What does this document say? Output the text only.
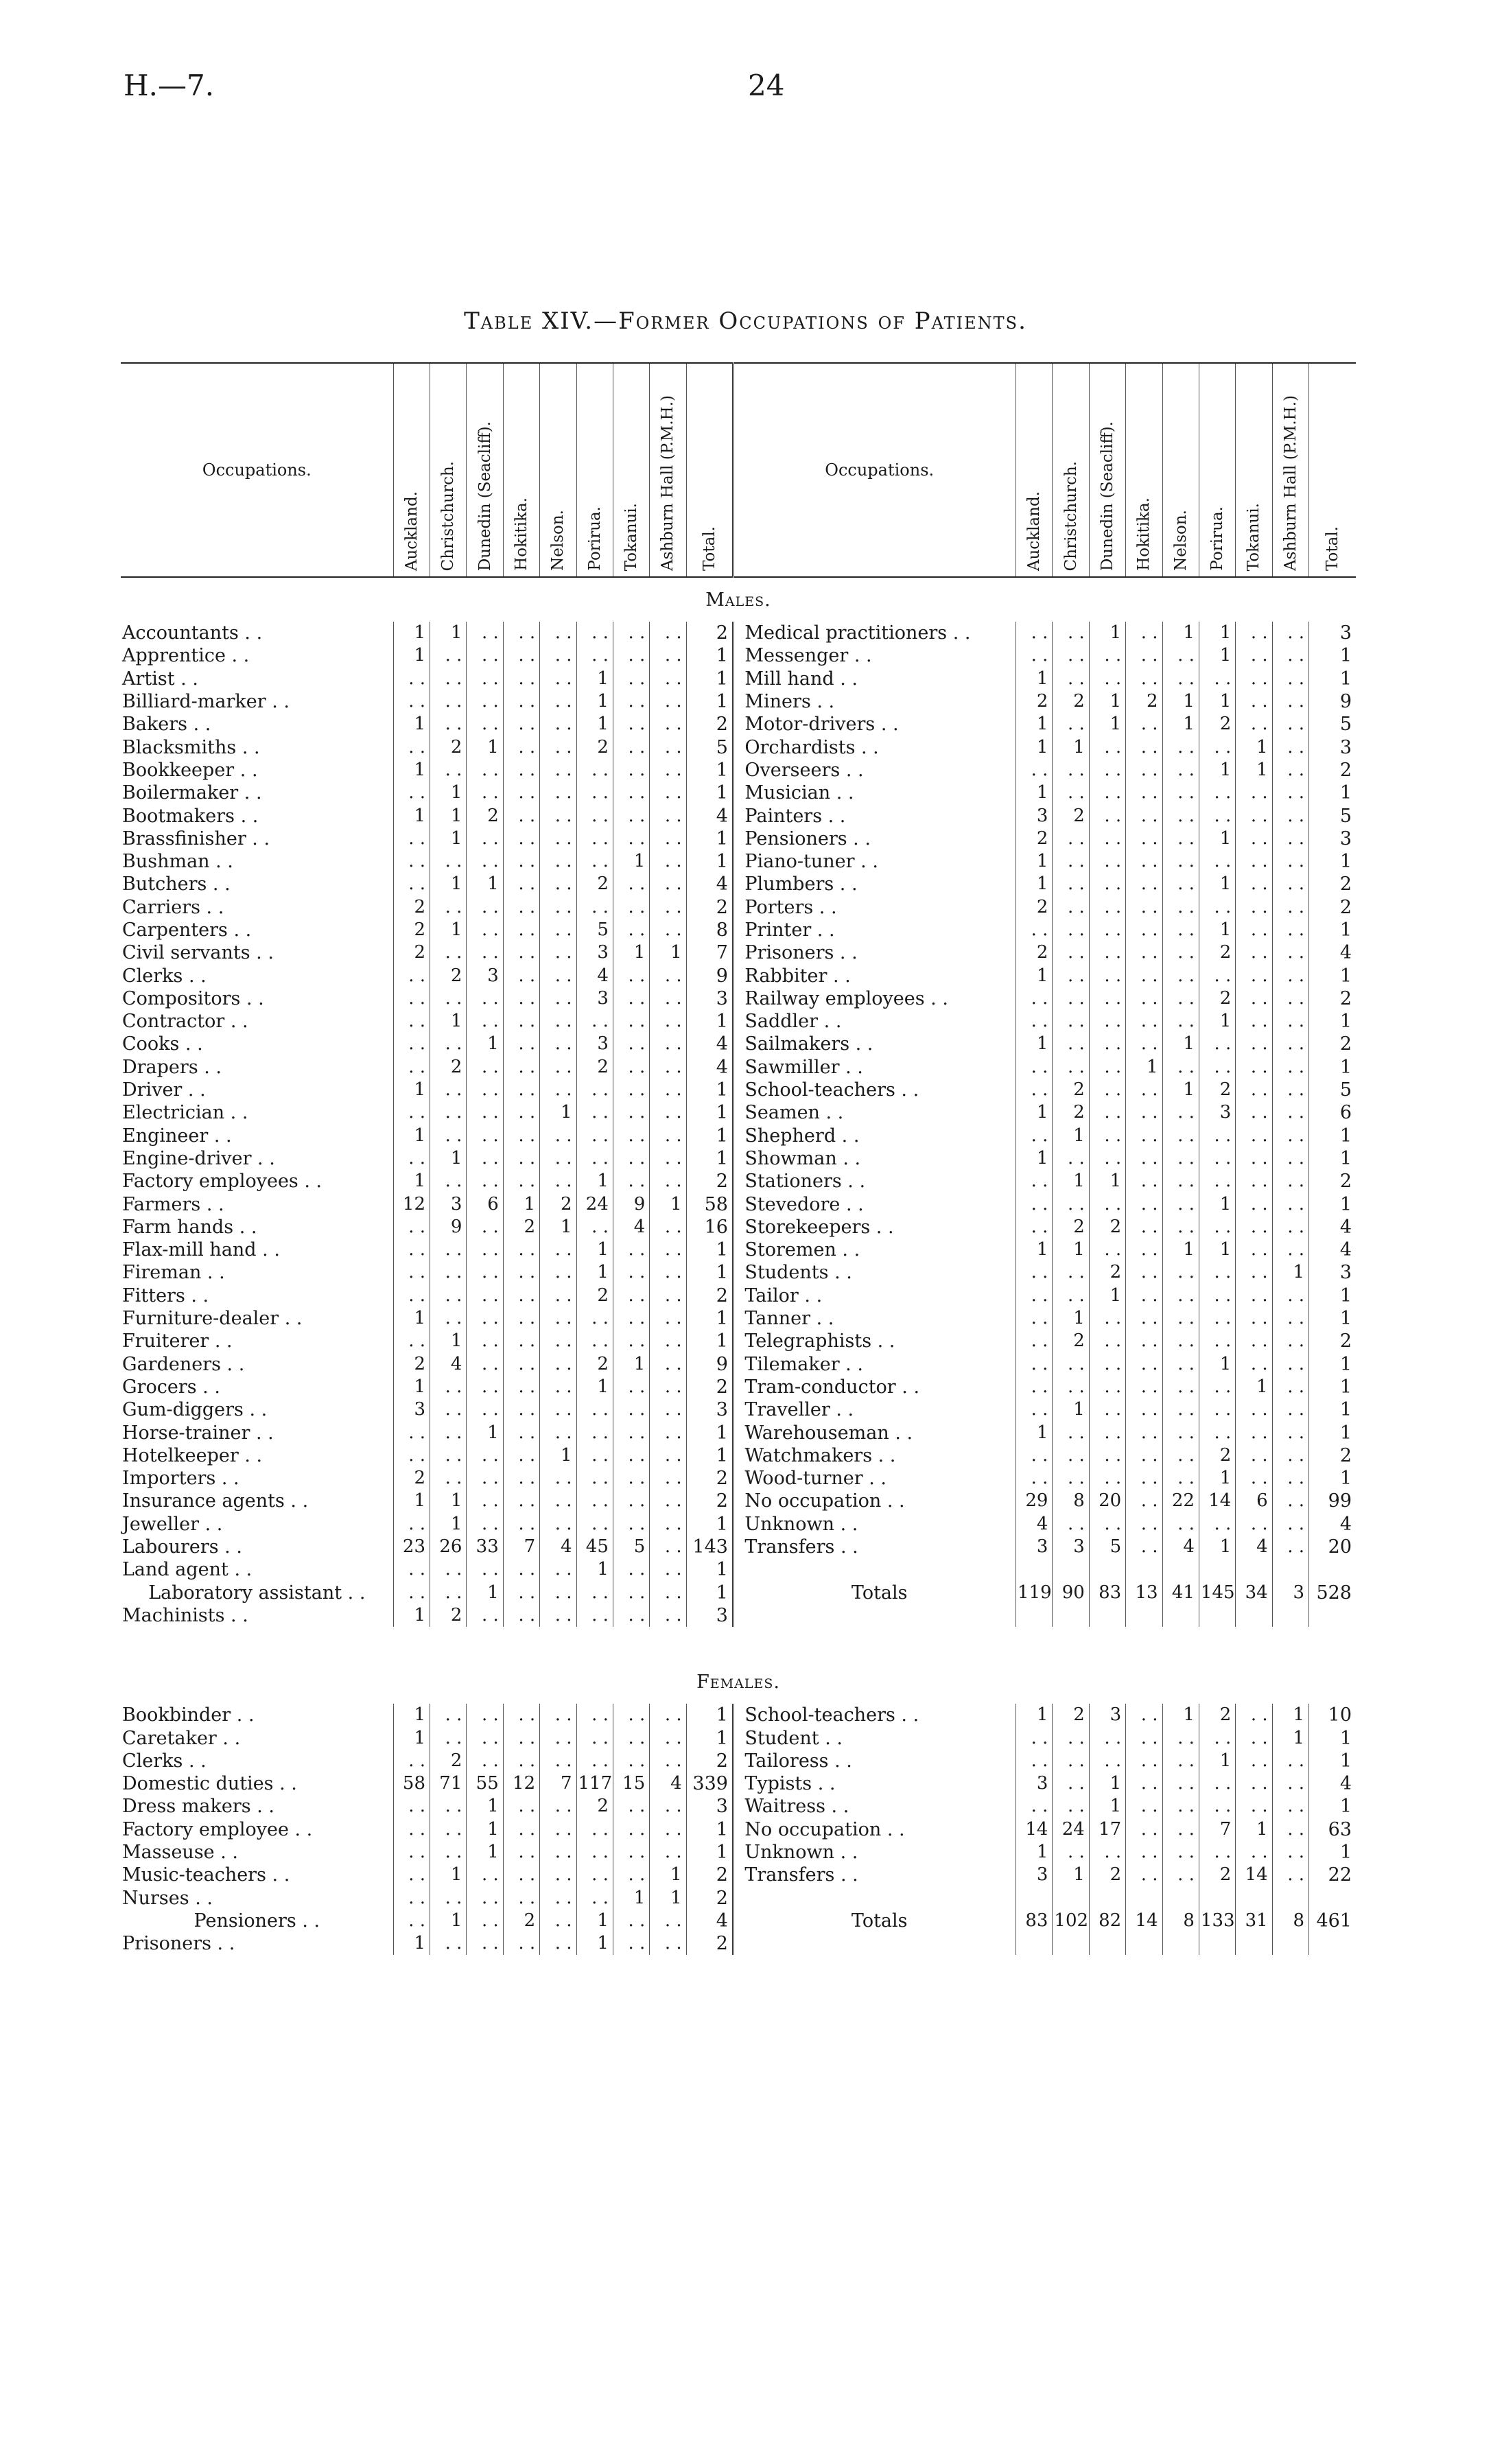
H.—7.	24
Table XIV.—Former Occupations of Patients.
Occupations.	Auckland.	Christchurch.	Dunedin (Seacliff).	Hokitika.	Nelson.	Porirua.	Tokanui.	Ashburn Hall (P.M.H.)	Total.		Occupations.	Auckland.	Christchurch.	Dunedin (Seacliff).	Hokitika.	Nelson.	Porirua.	Tokanui.	Ashburn Hall (P.M.H.)	Total.

Males.																				
Accountants . .	1	1	. .	. .	. .	. .	. .	. .	2		Medical practitioners . .	. .	. .	1	. .	1	1	. .	. .	3
Apprentice . .	1	. .	. .	. .	. .	. .	. .	. .	1		Messenger . .	. .	. .	. .	. .	. .	1	. .	. .	1
Artist . .	. .	. .	. .	. .	. .	1	. .	. .	1		Mill hand . .	1	. .	. .	. .	. .	. .	. .	. .	1
Billiard-marker . .	. .	. .	. .	. .	. .	1	. .	. .	1		Miners . .	2	2	1	2	1	1	. .	. .	9
Bakers . .	1	. .	. .	. .	. .	1	. .	. .	2		Motor-drivers . .	1	. .	1	. .	1	2	. .	. .	5
Blacksmiths . .	. .	2	1	. .	. .	2	. .	. .	5		Orchardists . .	1	1	. .	. .	. .	. .	1	. .	3
Bookkeeper . .	1	. .	. .	. .	. .	. .	. .	. .	1		Overseers . .	. .	. .	. .	. .	. .	1	1	. .	2
Boilermaker . .	. .	1	. .	. .	. .	. .	. .	. .	1		Musician . .	1	. .	. .	. .	. .	. .	. .	. .	1
Bootmakers . .	1	1	2	. .	. .	. .	. .	. .	4		Painters . .	3	2	. .	. .	. .	. .	. .	. .	5
Brassfinisher . .	. .	1	. .	. .	. .	. .	. .	. .	1		Pensioners . .	2	. .	. .	. .	. .	1	. .	. .	3
Bushman . .	. .	. .	. .	. .	. .	. .	1	. .	1		Piano-tuner . .	1	. .	. .	. .	. .	. .	. .	. .	1
Butchers . .	. .	1	1	. .	. .	2	. .	. .	4		Plumbers . .	1	. .	. .	. .	. .	1	. .	. .	2
Carriers . .	2	. .	. .	. .	. .	. .	. .	. .	2		Porters . .	2	. .	. .	. .	. .	. .	. .	. .	2
Carpenters . .	2	1	. .	. .	. .	5	. .	. .	8		Printer . .	. .	. .	. .	. .	. .	1	. .	. .	1
Civil servants . .	2	. .	. .	. .	. .	3	1	1	7		Prisoners . .	2	. .	. .	. .	. .	2	. .	. .	4
Clerks . .	. .	2	3	. .	. .	4	. .	. .	9		Rabbiter . .	1	. .	. .	. .	. .	. .	. .	. .	1
Compositors . .	. .	. .	. .	. .	. .	3	. .	. .	3		Railway employees . .	. .	. .	. .	. .	. .	2	. .	. .	2
Contractor . .	. .	1	. .	. .	. .	. .	. .	. .	1		Saddler . .	. .	. .	. .	. .	. .	1	. .	. .	1
Cooks . .	. .	. .	1	. .	. .	3	. .	. .	4		Sailmakers . .	1	. .	. .	. .	1	. .	. .	. .	2
Drapers . .	. .	2	. .	. .	. .	2	. .	. .	4		Sawmiller . .	. .	. .	. .	1	. .	. .	. .	. .	1
Driver . .	1	. .	. .	. .	. .	. .	. .	. .	1		School-teachers . .	. .	2	. .	. .	1	2	. .	. .	5
Electrician . .	. .	. .	. .	. .	1	. .	. .	. .	1		Seamen . .	1	2	. .	. .	. .	3	. .	. .	6
Engineer . .	1	. .	. .	. .	. .	. .	. .	. .	1		Shepherd . .	. .	1	. .	. .	. .	. .	. .	. .	1
Engine-driver . .	. .	1	. .	. .	. .	. .	. .	. .	1		Showman . .	1	. .	. .	. .	. .	. .	. .	. .	1
Factory employees . .	1	. .	. .	. .	. .	1	. .	. .	2		Stationers . .	. .	1	1	. .	. .	. .	. .	. .	2
Farmers . .	12	3	6	1	2	24	9	1	58		Stevedore . .	. .	. .	. .	. .	. .	1	. .	. .	1
Farm hands . .	. .	9	. .	2	1	. .	4	. .	16		Storekeepers . .	. .	2	2	. .	. .	. .	. .	. .	4
Flax-mill hand . .	. .	. .	. .	. .	. .	1	. .	. .	1		Storemen . .	1	1	. .	. .	1	1	. .	. .	4
Fireman . .	. .	. .	. .	. .	. .	1	. .	. .	1		Students . .	. .	. .	2	. .	. .	. .	. .	1	3
Fitters . .	. .	. .	. .	. .	. .	2	. .	. .	2		Tailor . .	. .	. .	1	. .	. .	. .	. .	. .	1
Furniture-dealer . .	1	. .	. .	. .	. .	. .	. .	. .	1		Tanner . .	. .	1	. .	. .	. .	. .	. .	. .	1
Fruiterer . .	. .	1	. .	. .	. .	. .	. .	. .	1		Telegraphists . .	. .	2	. .	. .	. .	. .	. .	. .	2
Gardeners . .	2	4	. .	. .	. .	2	1	. .	9		Tilemaker . .	. .	. .	. .	. .	. .	1	. .	. .	1
Grocers . .	1	. .	. .	. .	. .	1	. .	. .	2		Tram-conductor . .	. .	. .	. .	. .	. .	. .	1	. .	1
Gum-diggers . .	3	. .	. .	. .	. .	. .	. .	. .	3		Traveller . .	. .	1	. .	. .	. .	. .	. .	. .	1
Horse-trainer . .	. .	. .	1	. .	. .	. .	. .	. .	1		Warehouseman . .	1	. .	. .	. .	. .	. .	. .	. .	1
Hotelkeeper . .	. .	. .	. .	. .	1	. .	. .	. .	1		Watchmakers . .	. .	. .	. .	. .	. .	2	. .	. .	2
Importers . .	2	. .	. .	. .	. .	. .	. .	. .	2		Wood-turner . .	. .	. .	. .	. .	. .	1	. .	. .	1
Insurance agents . .	1	1	. .	. .	. .	. .	. .	. .	2		No occupation . .	29	8	20	. .	22	14	6	. .	99
Jeweller . .	. .	1	. .	. .	. .	. .	. .	. .	1		Unknown . .	4	. .	. .	. .	. .	. .	. .	. .	4
Labourers . .	23	26	33	7	4	45	5	. .	143		Transfers . .	3	3	5	. .	4	1	4	. .	20
Land agent . .	. .	. .	. .	. .	. .	1	. .	. .	1											
Laboratory assistant . .	. .	. .	1	. .	. .	. .	. .	. .	1		Totals	119	90	83	13	41	145	34	3	528
Machinists . .	1	2	. .	. .	. .	. .	. .	. .	3											

Females.																				
Bookbinder . .	1	. .	. .	. .	. .	. .	. .	. .	1		School-teachers . .	1	2	3	. .	1	2	. .	1	10
Caretaker . .	1	. .	. .	. .	. .	. .	. .	. .	1		Student . .	. .	. .	. .	. .	. .	. .	. .	1	1
Clerks . .	. .	2	. .	. .	. .	. .	. .	. .	2		Tailoress . .	. .	. .	. .	. .	. .	1	. .	. .	1
Domestic duties . .	58	71	55	12	7	117	15	4	339		Typists . .	3	. .	1	. .	. .	. .	. .	. .	4
Dress makers . .	. .	. .	1	. .	. .	2	. .	. .	3		Waitress . .	. .	. .	1	. .	. .	. .	. .	. .	1
Factory employee . .	. .	. .	1	. .	. .	. .	. .	. .	1		No occupation . .	14	24	17	. .	. .	7	1	. .	63
Masseuse . .	. .	. .	1	. .	. .	. .	. .	. .	1		Unknown . .	1	. .	. .	. .	. .	. .	. .	. .	1
Music-teachers . .	. .	1	. .	. .	. .	. .	. .	1	2		Transfers . .	3	1	2	. .	. .	2	14	. .	22
Nurses . .	. .	. .	. .	. .	. .	. .	1	1	2											
Pensioners . .	. .	1	. .	2	. .	1	. .	. .	4		Totals	83	102	82	14	8	133	31	8	461
Prisoners . .	1	. .	. .	. .	. .	1	. .	. .	2											
